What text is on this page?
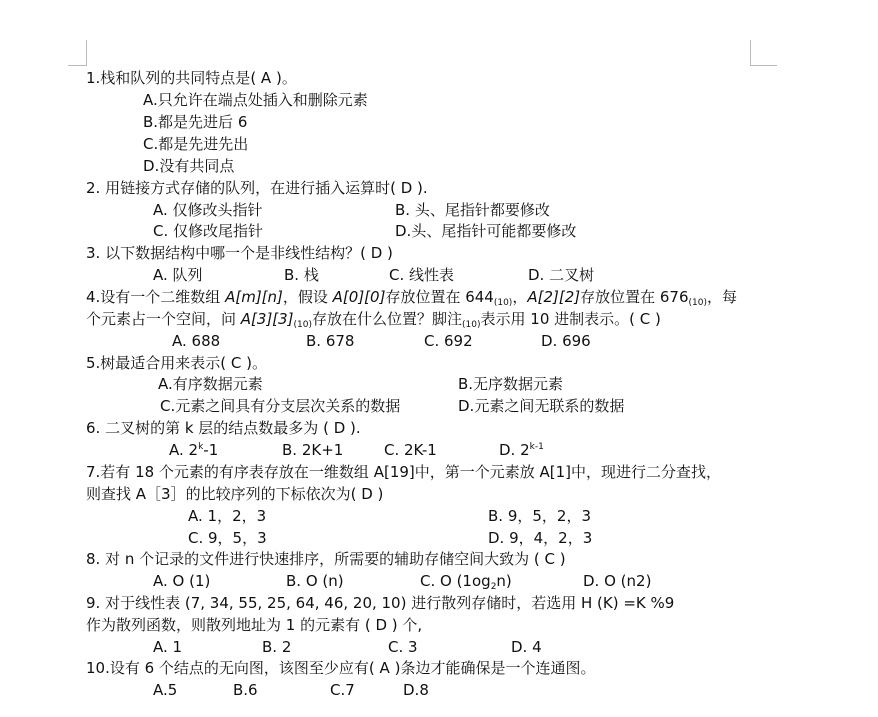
1.栈和队列的共同特点是( A )。
A.只允许在端点处插入和删除元素
B.都是先进后 6
C.都是先进先出
D.没有共同点
2. 用链接方式存储的队列，在进行插入运算时( D ).
A. 仅修改头指针	B. 头、尾指针都要修改
C. 仅修改尾指针	D.头、尾指针可能都要修改
3. 以下数据结构中哪一个是非线性结构？( D )
A. 队列	B. 栈	C. 线性表	D. 二叉树
4.设有一个二维数组 A[m][n]，假设 A[0][0]存放位置在 $644_{(10)}$，A[2][2]存放位置在 $676_{(10)}$，每
个元素占一个空间，问 $A[3][3]_{(10)}$存放在什么位置？脚注$_{(10)}$表示用 10 进制表示。( C )
A. 688	B. 678	C. 692	D. 696
5.树最适合用来表示( C )。
A.有序数据元素	B.无序数据元素
C.元素之间具有分支层次关系的数据	D.元素之间无联系的数据
6. 二叉树的第 k 层的结点数最多为 ( D ).
A. 2$^k$-1	B. 2K+1	C. 2K-1	D. 2$^{k-1}$
7.若有 18 个元素的有序表存放在一维数组 A[19]中，第一个元素放 A[1]中，现进行二分查找，
则查找 A［3］的比较序列的下标依次为( D )
A. 1，2，3	B. 9，5，2，3
C. 9，5，3	D. 9，4，2，3
8. 对 n 个记录的文件进行快速排序，所需要的辅助存储空间大致为 ( C )
A. O (1)	B. O (n)	C. O $(1og_2n)$	D. O (n2)
9. 对于线性表 (7, 34, 55, 25, 64, 46, 20, 10) 进行散列存储时，若选用 H (K) =K %9
作为散列函数，则散列地址为 1 的元素有 ( D ) 个,
A. 1	B. 2	C. 3	D. 4
10.设有 6 个结点的无向图，该图至少应有( A )条边才能确保是一个连通图。
A.5	B.6	C.7	D.8
